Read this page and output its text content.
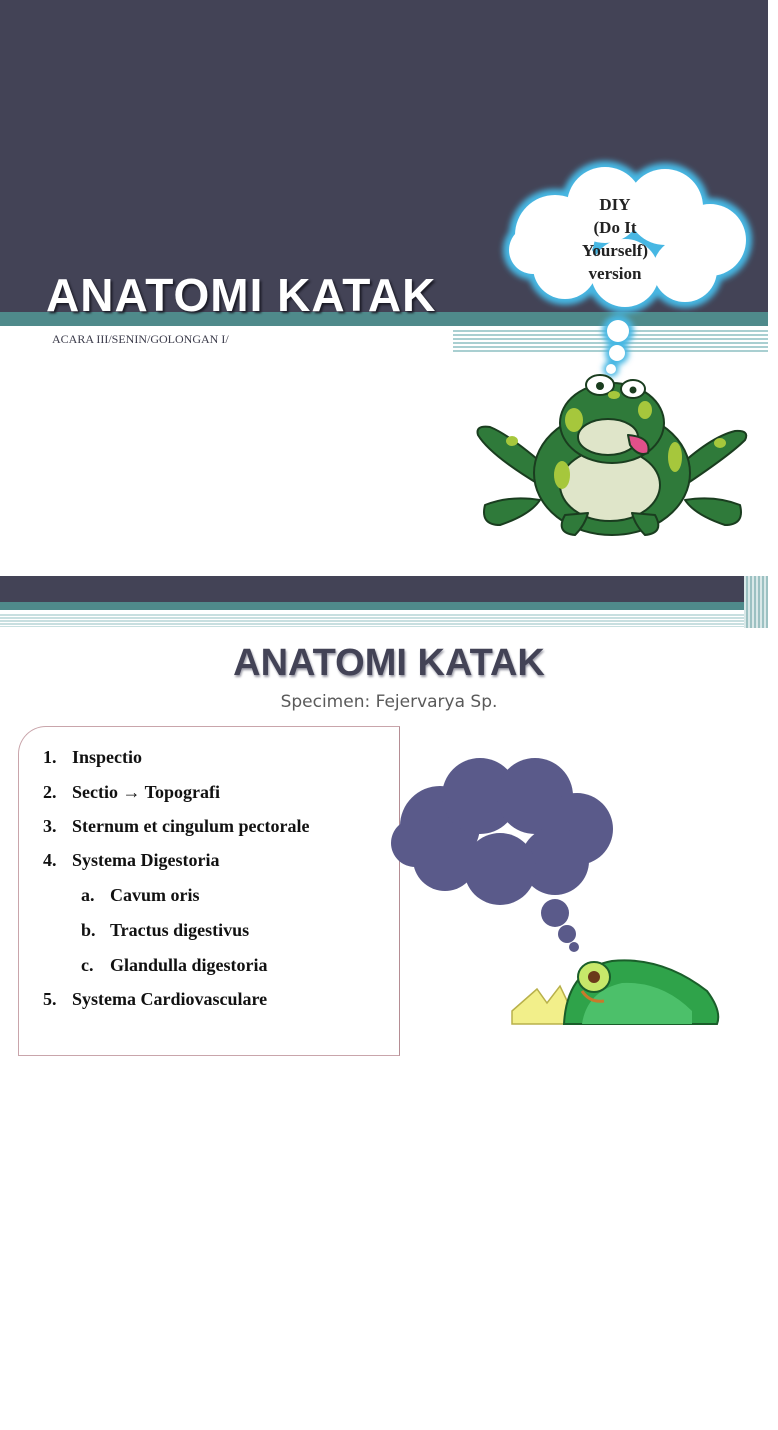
ANATOMI KATAK
ACARA III/SENIN/GOLONGAN I/
DIY
(Do It
Yourself)
version
ANATOMI KATAK
Specimen: Fejervarya Sp.
1. Inspectio
2. Sectio → Topografi
3. Sternum et cingulum pectorale
4. Systema Digestoria
a. Cavum oris
b. Tractus digestivus
c. Glandulla digestoria
5. Systema Cardiovasculare
LIST TO DO
(13.30 – 15.30)
